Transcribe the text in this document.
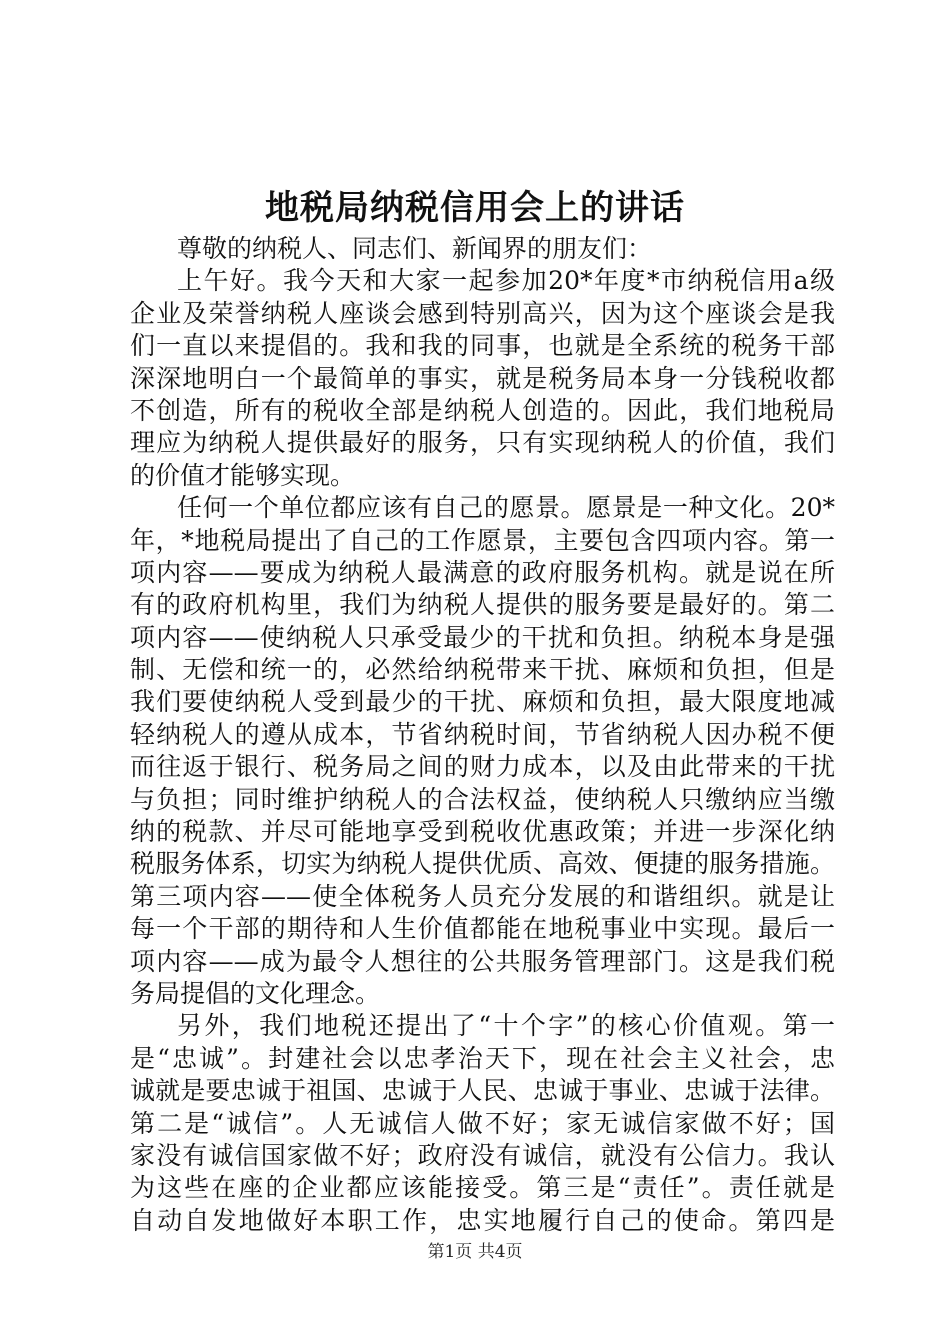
地税局纳税信用会上的讲话
尊敬的纳税人、同志们、新闻界的朋友们：
上午好。我今天和大家一起参加20*年度*市纳税信用a级
企业及荣誉纳税人座谈会感到特别高兴，因为这个座谈会是我
们一直以来提倡的。我和我的同事，也就是全系统的税务干部
深深地明白一个最简单的事实，就是税务局本身一分钱税收都
不创造，所有的税收全部是纳税人创造的。因此，我们地税局
理应为纳税人提供最好的服务，只有实现纳税人的价值，我们
的价值才能够实现。
任何一个单位都应该有自己的愿景。愿景是一种文化。20*
年，*地税局提出了自己的工作愿景，主要包含四项内容。第一
项内容——要成为纳税人最满意的政府服务机构。就是说在所
有的政府机构里，我们为纳税人提供的服务要是最好的。第二
项内容——使纳税人只承受最少的干扰和负担。纳税本身是强
制、无偿和统一的，必然给纳税带来干扰、麻烦和负担，但是
我们要使纳税人受到最少的干扰、麻烦和负担，最大限度地减
轻纳税人的遵从成本，节省纳税时间，节省纳税人因办税不便
而往返于银行、税务局之间的财力成本，以及由此带来的干扰
与负担；同时维护纳税人的合法权益，使纳税人只缴纳应当缴
纳的税款、并尽可能地享受到税收优惠政策；并进一步深化纳
税服务体系，切实为纳税人提供优质、高效、便捷的服务措施。
第三项内容——使全体税务人员充分发展的和谐组织。就是让
每一个干部的期待和人生价值都能在地税事业中实现。最后一
项内容——成为最令人想往的公共服务管理部门。这是我们税
务局提倡的文化理念。
另外，我们地税还提出了“十个字”的核心价值观。第一
是“忠诚”。封建社会以忠孝治天下，现在社会主义社会，忠
诚就是要忠诚于祖国、忠诚于人民、忠诚于事业、忠诚于法律。
第二是“诚信”。人无诚信人做不好；家无诚信家做不好；国
家没有诚信国家做不好；政府没有诚信，就没有公信力。我认
为这些在座的企业都应该能接受。第三是“责任”。责任就是
自动自发地做好本职工作，忠实地履行自己的使命。第四是
第1页 共4页
